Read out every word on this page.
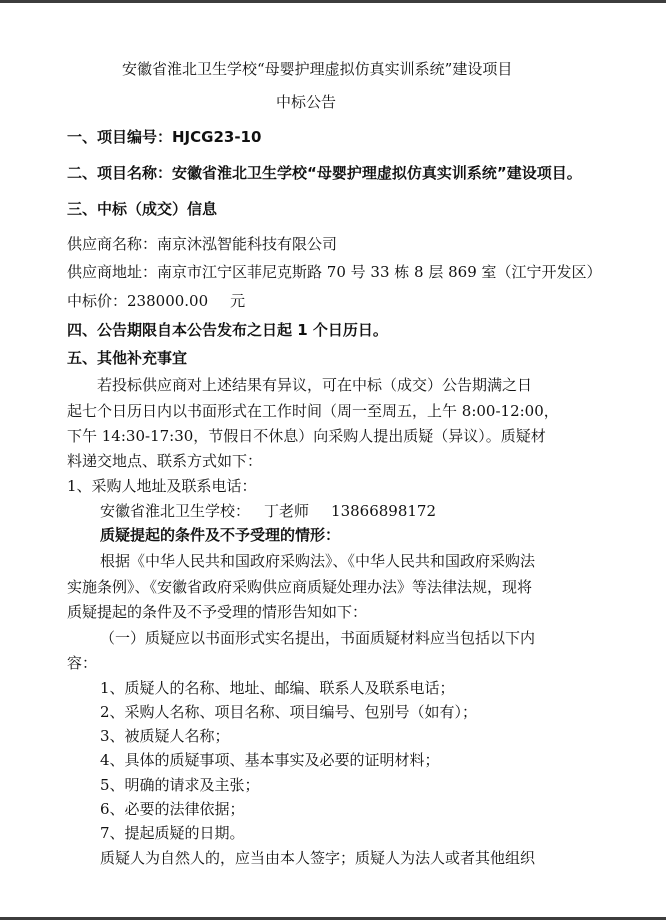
安徽省淮北卫生学校“母婴护理虚拟仿真实训系统”建设项目
中标公告
一、项目编号：HJCG23-10
二、项目名称：安徽省淮北卫生学校“母婴护理虚拟仿真实训系统”建设项目。
三、中标（成交）信息
供应商名称：南京沐泓智能科技有限公司
供应商地址：南京市江宁区菲尼克斯路 70 号 33 栋 8 层 869 室（江宁开发区）
中标价：238000.00 元
四、公告期限自本公告发布之日起 1 个日历日。
五、其他补充事宜
若投标供应商对上述结果有异议，可在中标（成交）公告期满之日
起七个日历日内以书面形式在工作时间（周一至周五，上午 8:00-12:00，
下午 14:30-17:30，节假日不休息）向采购人提出质疑（异议）。质疑材
料递交地点、联系方式如下：
1、采购人地址及联系电话：
安徽省淮北卫生学校： 丁老师 13866898172
质疑提起的条件及不予受理的情形：
根据《中华人民共和国政府采购法》、《中华人民共和国政府采购法
实施条例》、《安徽省政府采购供应商质疑处理办法》等法律法规，现将
质疑提起的条件及不予受理的情形告知如下：
（一）质疑应以书面形式实名提出，书面质疑材料应当包括以下内
容：
1、质疑人的名称、地址、邮编、联系人及联系电话；
2、采购人名称、项目名称、项目编号、包别号（如有）；
3、被质疑人名称；
4、具体的质疑事项、基本事实及必要的证明材料；
5、明确的请求及主张；
6、必要的法律依据；
7、提起质疑的日期。
质疑人为自然人的，应当由本人签字；质疑人为法人或者其他组织
